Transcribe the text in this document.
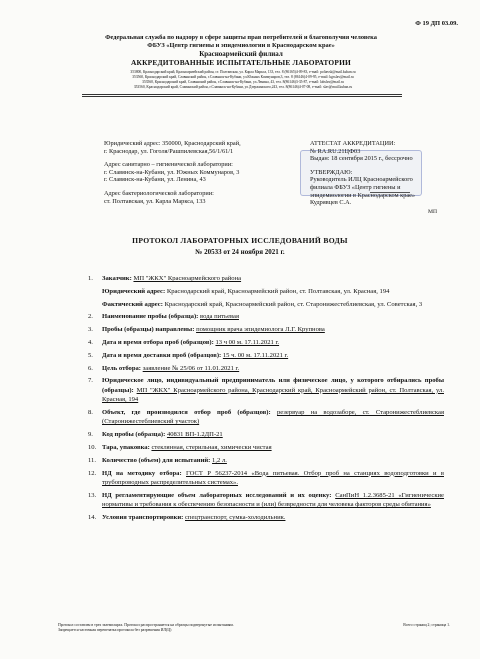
Ф 19 ДП 03.09.
Федеральная служба по надзору в сфере защиты прав потребителей и благополучия человека
ФБУЗ «Центр гигиены и эпидемиологии в Краснодарском крае»
Красноармейский филиал
АККРЕДИТОВАННЫЕ ИСПЫТАТЕЛЬНЫЕ ЛАБОРАТОРИИ
353800, Краснодарский край, Красноармейский район, ст. Полтавская, ул. Карла Маркса, 133, тел. 8 (86165)4-09-83, e-mail: poltavsk@mail.kuban.ru
353560, Краснодарский край, Славянский район, г.Славянск-на-Кубани, ул.Южных Коммунаров,3, тел. 8 (86146)4-09-95, e-mail: kgsslav@mail.ru
353560, Краснодарский край, Славянский район, г.Славянск-на-Кубани, ул.Ленина, 43, тел. 8(86146)3-35-87, e-mail: labslav@mail.ru
353560, Краснодарский край, Славянский район, г.Славянск-на-Кубани, ул.Дзержинского,243, тел. 8(86146)4-07-08, e-mail: slav@mail.kuban.ru
Юридический адрес: 350000, Краснодарский край,
г. Краснодар, ул. Гоголя/Рашпилевская,56/1/61/1
Адрес санитарно – гигиенической лаборатории:
г. Славянск-на-Кубани, ул. Южных Коммунаров, 3
г. Славянск-на-Кубани, ул. Ленина, 43
Адрес бактериологической лаборатории:
ст. Полтавская, ул. Карла Маркса, 133
АТТЕСТАТ АККРЕДИТАЦИИ:
№ RA.RU.21ЦФ03
Выдан: 18 сентября 2015 г., бессрочно
УТВЕРЖДАЮ:
Руководитель ИЛЦ Красноармейского
филиала ФБУЗ «Центр гигиены и
эпидемиологии в Краснодарском крае»
Кудрявцев С.А.
МП
ПРОТОКОЛ ЛАБОРАТОРНЫХ ИССЛЕДОВАНИЙ ВОДЫ
№ 20533 от 24 ноября 2021 г.
1. Заказчик: МП "ЖКХ" Красноармейского района
Юридический адрес: Краснодарский край, Красноармейский район, ст. Полтавская, ул. Красная, 194
Фактический адрес: Краснодарский край, Красноармейский район, ст. Старонижестеблиевская, ул. Советская, 3
2. Наименование пробы (образца): вода питьевая
3. Пробы (образцы) направлены: помощник врача эпидемиолога Л.Г. Крупнова
4. Дата и время отбора проб (образцов): 13 ч 00 м. 17.11.2021 г.
5. Дата и время доставки проб (образцов): 15 ч. 00 м. 17.11.2021 г.
6. Цель отбора: заявление № 25/06 от 11.01.2021 г.
7. Юридическое лицо, индивидуальный предприниматель или физическое лицо, у которого отбирались пробы (образцы): МП "ЖКХ" Красноармейского района, Краснодарский край, Красноармейский район, ст. Полтавская, ул. Красная, 194
8. Объект, где производился отбор проб (образцов): резервуар на водозаборе, ст. Старонижестеблиевская (Старонижестеблиевский участок)
9. Код пробы (образца): 40831 ВП-1.2ДП-21
10. Тара, упаковка: стеклянная, стерильная, химически чистая
11. Количество (объем) для испытаний: 1,2 л.
12. НД на методику отбора: ГОСТ Р 56237-2014 «Вода питьевая. Отбор проб на станциях водоподготовки и в трубопроводных распределительных системах».
13. НД регламентирующие объем лабораторных исследований и их оценку: СанПиН 1.2.3685-21 «Гигиенические нормативы и требования к обеспечению безопасности и (или) безвредности для человека факторов среды обитания»
14. Условия транспортировки: спецтранспорт, сумка-холодильник.
Протокол составлен в трех экземплярах. Протокол распространяется на образцы подвергнутые испытаниям.	Всего страниц 2; страница 1.
Запрещается частичная перепечатка протокола без разрешения ИЛ(Ц)
